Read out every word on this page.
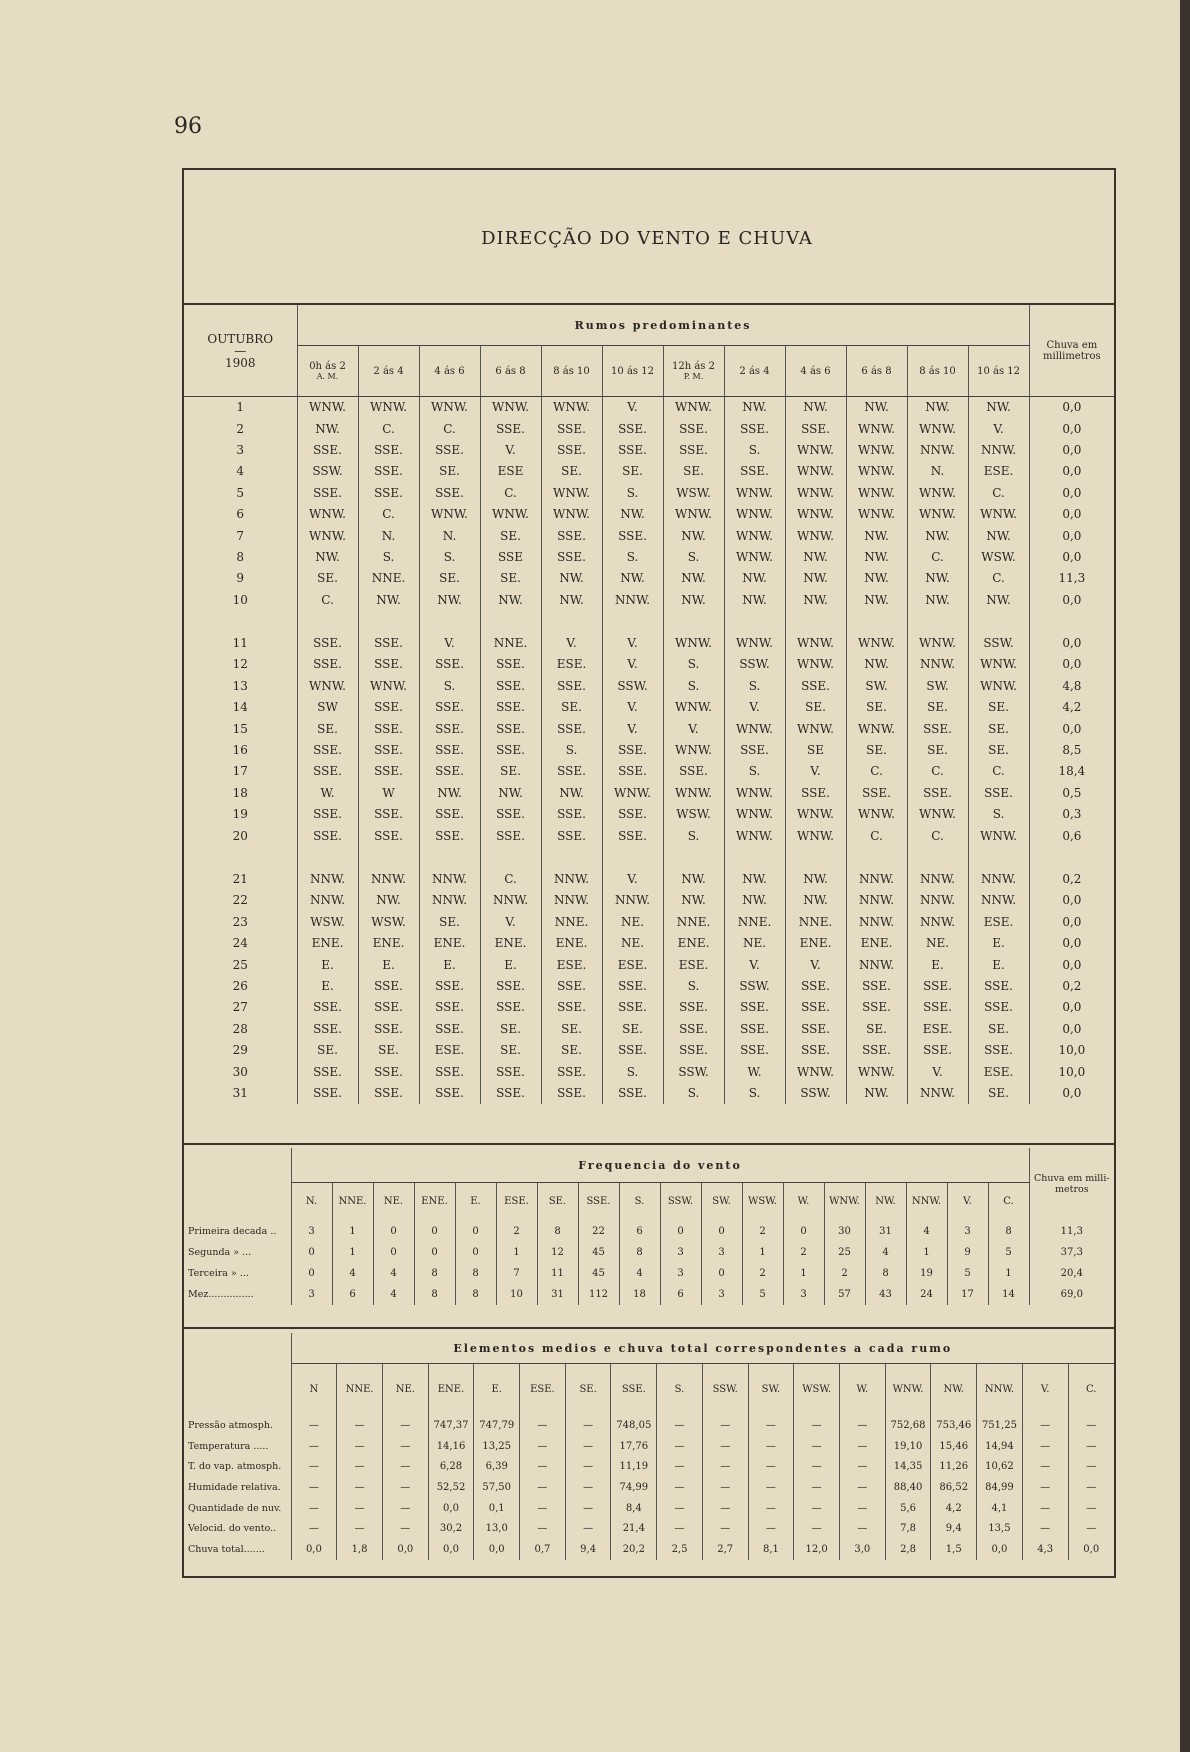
96
DIRECÇÃO DO VENTO E CHUVA
OUTUBRO
—
1908	Rumos predominantes												Chuva em millimetros

	0h ás 2
A. M.	2 ás 4	4 ás 6	6 ás 8	8 ás 10	10 ás 12	12h ás 2
P. M.	2 ás 4	4 ás 6	6 ás 8	8 ás 10	10 ás 12	

1	WNW.	WNW.	WNW.	WNW.	WNW.	V.	WNW.	NW.	NW.	NW.	NW.	NW.	0,0
2	NW.	C.	C.	SSE.	SSE.	SSE.	SSE.	SSE.	SSE.	WNW.	WNW.	V.	0,0
3	SSE.	SSE.	SSE.	V.	SSE.	SSE.	SSE.	S.	WNW.	WNW.	NNW.	NNW.	0,0
4	SSW.	SSE.	SE.	ESE	SE.	SE.	SE.	SSE.	WNW.	WNW.	N.	ESE.	0,0
5	SSE.	SSE.	SSE.	C.	WNW.	S.	WSW.	WNW.	WNW.	WNW.	WNW.	C.	0,0
6	WNW.	C.	WNW.	WNW.	WNW.	NW.	WNW.	WNW.	WNW.	WNW.	WNW.	WNW.	0,0
7	WNW.	N.	N.	SE.	SSE.	SSE.	NW.	WNW.	WNW.	NW.	NW.	NW.	0,0
8	NW.	S.	S.	SSE	SSE.	S.	S.	WNW.	NW.	NW.	C.	WSW.	0,0
9	SE.	NNE.	SE.	SE.	NW.	NW.	NW.	NW.	NW.	NW.	NW.	C.	11,3
10	C.	NW.	NW.	NW.	NW.	NNW.	NW.	NW.	NW.	NW.	NW.	NW.	0,0

11	SSE.	SSE.	V.	NNE.	V.	V.	WNW.	WNW.	WNW.	WNW.	WNW.	SSW.	0,0
12	SSE.	SSE.	SSE.	SSE.	ESE.	V.	S.	SSW.	WNW.	NW.	NNW.	WNW.	0,0
13	WNW.	WNW.	S.	SSE.	SSE.	SSW.	S.	S.	SSE.	SW.	SW.	WNW.	4,8
14	SW	SSE.	SSE.	SSE.	SE.	V.	WNW.	V.	SE.	SE.	SE.	SE.	4,2
15	SE.	SSE.	SSE.	SSE.	SSE.	V.	V.	WNW.	WNW.	WNW.	SSE.	SE.	0,0
16	SSE.	SSE.	SSE.	SSE.	S.	SSE.	WNW.	SSE.	SE	SE.	SE.	SE.	8,5
17	SSE.	SSE.	SSE.	SE.	SSE.	SSE.	SSE.	S.	V.	C.	C.	C.	18,4
18	W.	W	NW.	NW.	NW.	WNW.	WNW.	WNW.	SSE.	SSE.	SSE.	SSE.	0,5
19	SSE.	SSE.	SSE.	SSE.	SSE.	SSE.	WSW.	WNW.	WNW.	WNW.	WNW.	S.	0,3
20	SSE.	SSE.	SSE.	SSE.	SSE.	SSE.	S.	WNW.	WNW.	C.	C.	WNW.	0,6

21	NNW.	NNW.	NNW.	C.	NNW.	V.	NW.	NW.	NW.	NNW.	NNW.	NNW.	0,2
22	NNW.	NW.	NNW.	NNW.	NNW.	NNW.	NW.	NW.	NW.	NNW.	NNW.	NNW.	0,0
23	WSW.	WSW.	SE.	V.	NNE.	NE.	NNE.	NNE.	NNE.	NNW.	NNW.	ESE.	0,0
24	ENE.	ENE.	ENE.	ENE.	ENE.	NE.	ENE.	NE.	ENE.	ENE.	NE.	E.	0,0
25	E.	E.	E.	E.	ESE.	ESE.	ESE.	V.	V.	NNW.	E.	E.	0,0
26	E.	SSE.	SSE.	SSE.	SSE.	SSE.	S.	SSW.	SSE.	SSE.	SSE.	SSE.	0,2
27	SSE.	SSE.	SSE.	SSE.	SSE.	SSE.	SSE.	SSE.	SSE.	SSE.	SSE.	SSE.	0,0
28	SSE.	SSE.	SSE.	SE.	SE.	SE.	SSE.	SSE.	SSE.	SE.	ESE.	SE.	0,0
29	SE.	SE.	ESE.	SE.	SE.	SSE.	SSE.	SSE.	SSE.	SSE.	SSE.	SSE.	10,0
30	SSE.	SSE.	SSE.	SSE.	SSE.	S.	SSW.	W.	WNW.	WNW.	V.	ESE.	10,0
31	SSE.	SSE.	SSE.	SSE.	SSE.	SSE.	S.	S.	SSW.	NW.	NNW.	SE.	0,0
	Frequencia do vento																		Chuva em milli-metros
	N.	NNE.	NE.	ENE.	E.	ESE.	SE.	SSE.	S.	SSW.	SW.	WSW.	W.	WNW.	NW.	NNW.	V.	C.	
Primeira decada ..	3	1	0	0	0	2	8	22	6	0	0	2	0	30	31	4	3	8	11,3
Segunda » ...	0	1	0	0	0	1	12	45	8	3	3	1	2	25	4	1	9	5	37,3
Terceira » ...	0	4	4	8	8	7	11	45	4	3	0	2	1	2	8	19	5	1	20,4
Mez...............	3	6	4	8	8	10	31	112	18	6	3	5	3	57	43	24	17	14	69,0
	Elementos medios e chuva total correspondentes a cada rumo																	
	N	NNE.	NE.	ENE.	E.	ESE.	SE.	SSE.	S.	SSW.	SW.	WSW.	W.	WNW.	NW.	NNW.	V.	C.
Pressão atmosph.	—	—	—	747,37	747,79	—	—	748,05	—	—	—	—	—	752,68	753,46	751,25	—	—
Temperatura .....	—	—	—	14,16	13,25	—	—	17,76	—	—	—	—	—	19,10	15,46	14,94	—	—
T. do vap. atmosph.	—	—	—	6,28	6,39	—	—	11,19	—	—	—	—	—	14,35	11,26	10,62	—	—
Humidade relativa.	—	—	—	52,52	57,50	—	—	74,99	—	—	—	—	—	88,40	86,52	84,99	—	—
Quantidade de nuv.	—	—	—	0,0	0,1	—	—	8,4	—	—	—	—	—	5,6	4,2	4,1	—	—
Velocid. do vento..	—	—	—	30,2	13,0	—	—	21,4	—	—	—	—	—	7,8	9,4	13,5	—	—
Chuva total.......	0,0	1,8	0,0	0,0	0,0	0,7	9,4	20,2	2,5	2,7	8,1	12,0	3,0	2,8	1,5	0,0	4,3	0,0
